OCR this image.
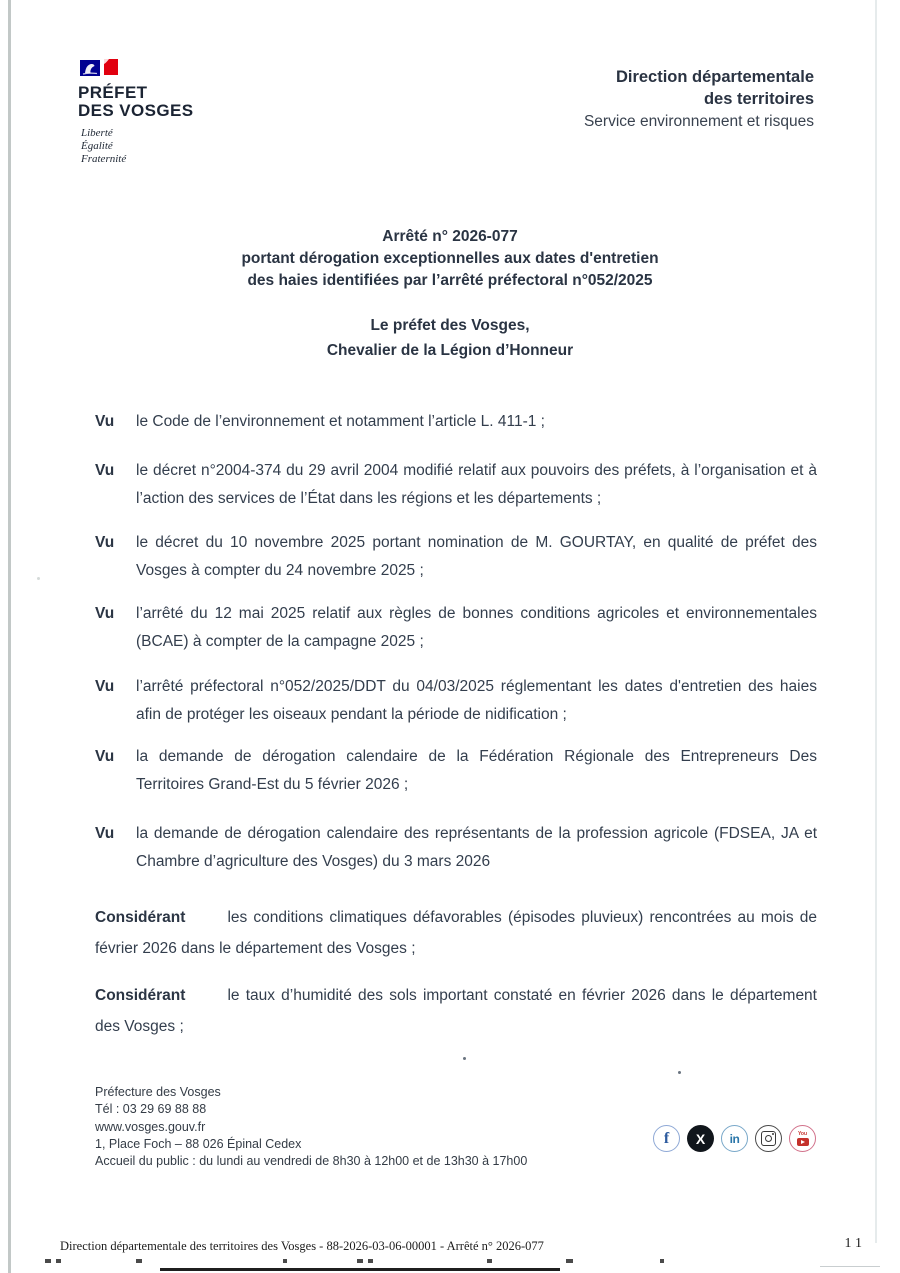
PRÉFET
DES VOSGES
Liberté
Égalité
Fraternité
Direction départementale
des territoires
Service environnement et risques
Arrêté n° 2026-077
portant dérogation exceptionnelles aux dates d'entretien
des haies identifiées par l’arrêté préfectoral n°052/2025
Le préfet des Vosges,
Chevalier de la Légion d’Honneur
Vu	le Code de l’environnement et notamment l’article L. 411-1 ;
Vu	le décret n°2004-374 du 29 avril 2004 modifié relatif aux pouvoirs des préfets, à l’organisation et à l’action des services de l’État dans les régions et les départements ;
Vu	le décret du 10 novembre 2025 portant nomination de M. GOURTAY, en qualité de préfet des Vosges à compter du 24 novembre 2025 ;
Vu	l’arrêté du 12 mai 2025 relatif aux règles de bonnes conditions agricoles et environnementales (BCAE) à compter de la campagne 2025 ;
Vu	l’arrêté préfectoral n°052/2025/DDT du 04/03/2025 réglementant les dates d'entretien des haies afin de protéger les oiseaux pendant la période de nidification ;
Vu	la demande de dérogation calendaire de la Fédération Régionale des Entrepreneurs Des Territoires Grand-Est du 5 février 2026 ;
Vu	la demande de dérogation calendaire des représentants de la profession agricole (FDSEA, JA et Chambre d’agriculture des Vosges) du 3 mars 2026

Considérant	les conditions climatiques défavorables (épisodes pluvieux) rencontrées au mois de février 2026 dans le département des Vosges ;

Considérant	le taux d’humidité des sols important constaté en février 2026 dans le département des Vosges ;

Préfecture des Vosges
Tél : 03 29 69 88 88
www.vosges.gouv.fr
1, Place Foch – 88 026 Épinal Cedex
Accueil du public : du lundi au vendredi de 8h30 à 12h00 et de 13h30 à 17h00
f X in	You
Direction départementale des territoires des Vosges - 88-2026-03-06-00001 - Arrêté n° 2026-077	11
